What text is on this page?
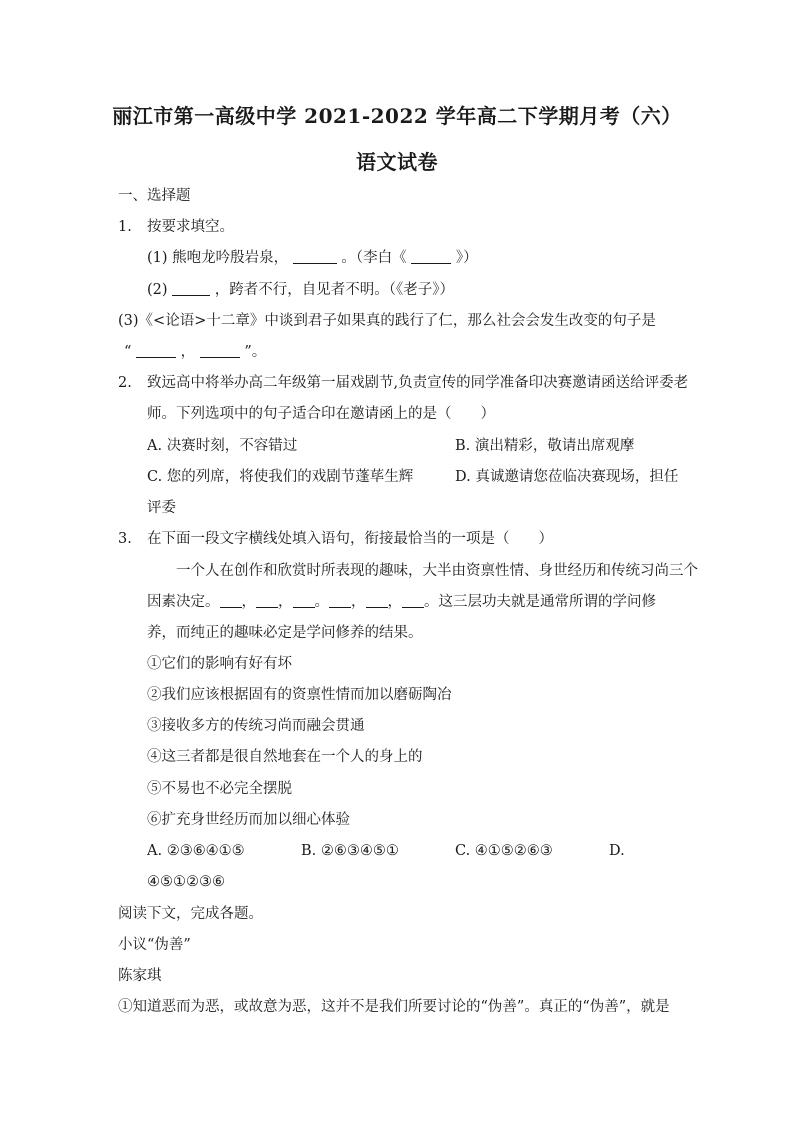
丽江市第一高级中学 2021-2022 学年高二下学期月考（六）
语文试卷
一、选择题
1. 按要求填空。
(1) 熊咆龙吟殷岩泉，	。（李白《	》）
(2)	，跨者不行，自见者不明。（《老子》）
(3)《<论语>十二章》中谈到君子如果真的践行了仁，那么社会会发生改变的句子是
“	，	”。
2. 致远高中将举办高二年级第一届戏剧节,负责宣传的同学准备印决赛邀请函送给评委老
师。下列选项中的句子适合印在邀请函上的是（　　）
A. 决赛时刻，不容错过	B. 演出精彩，敬请出席观摩
C. 您的列席，将使我们的戏剧节蓬荜生辉	D. 真诚邀请您莅临决赛现场，担任
评委
3. 在下面一段文字横线处填入语句，衔接最恰当的一项是（　　）
一个人在创作和欣赏时所表现的趣味，大半由资禀性情、身世经历和传统习尚三个
因素决定。 ， ， 。 ， ， 。这三层功夫就是通常所谓的学问修
养，而纯正的趣味必定是学问修养的结果。
①它们的影响有好有坏
②我们应该根据固有的资禀性情而加以磨砺陶冶
③接收多方的传统习尚而融会贯通
④这三者都是很自然地套在一个人的身上的
⑤不易也不必完全摆脱
⑥扩充身世经历而加以细心体验
A. ②③⑥④①⑤	B. ②⑥③④⑤①	C. ④①⑤②⑥③	D.
④⑤①②③⑥
阅读下文，完成各题。
小议“伪善”
陈家琪
①知道恶而为恶，或故意为恶，这并不是我们所要讨论的“伪善”。真正的“伪善”，就是
